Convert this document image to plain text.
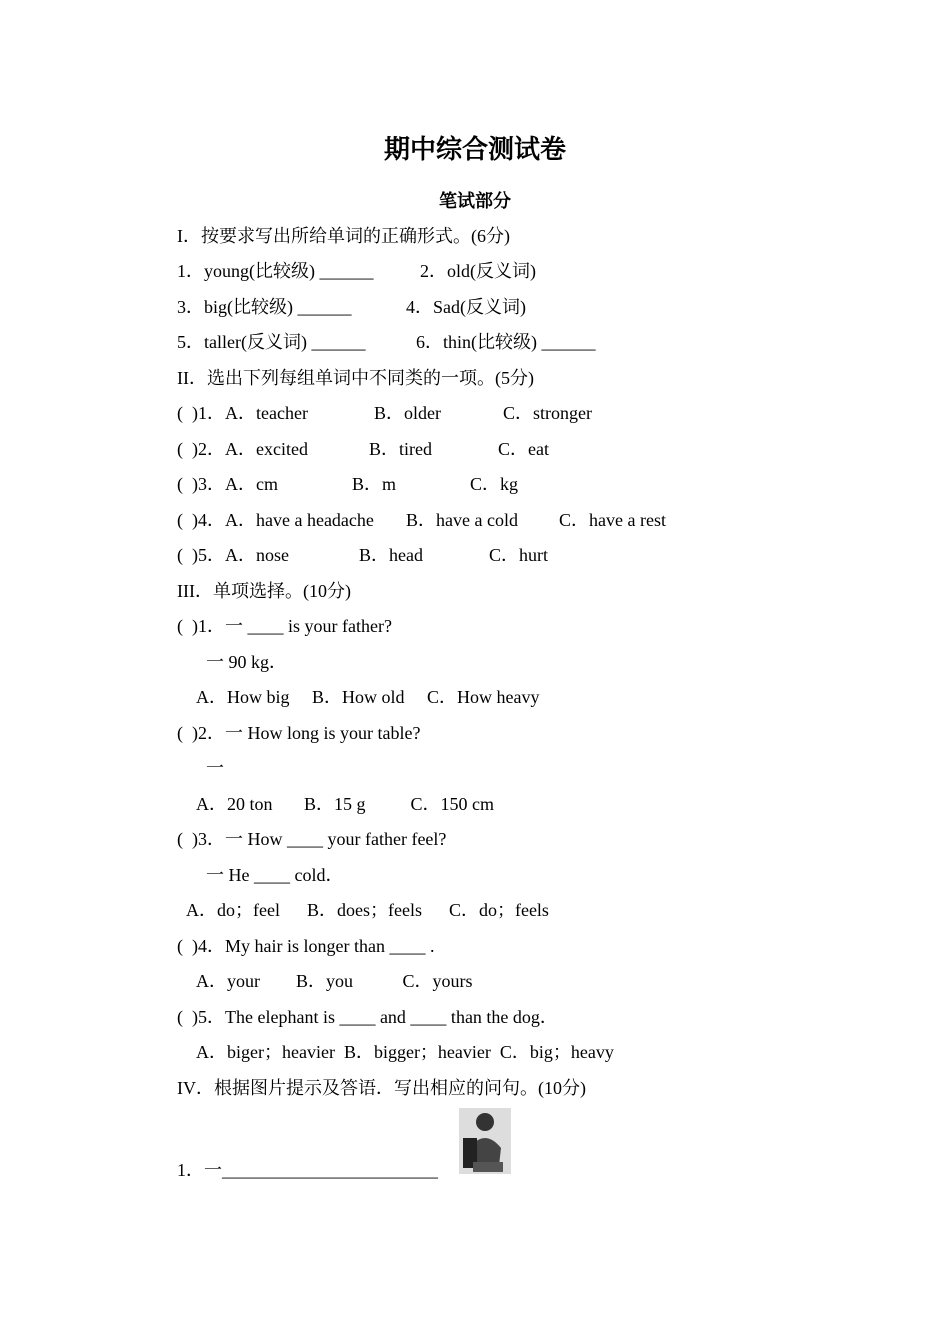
期中综合测试卷
笔试部分
I．按要求写出所给单词的正确形式。(6分)
1．young(比较级) ______	2．old(反义词)
3．big(比较级) ______	4．Sad(反义词)
5．taller(反义词) ______	6．thin(比较级) ______
II．选出下列每组单词中不同类的一项。(5分)
(  )1．A．teacher	B．older	C．stronger
(  )2．A．excited	B．tired	C．eat
(  )3．A．cm	B．m	C．kg
(  )4．A．have a headache B．have a cold C．have a rest
(  )5．A．nose	B．head	C．hurt
III．单项选择。(10分)
(  )1．一 ____ is your father?
一 90 kg．
A．How big     B．How old     C．How heavy
(  )2．一 How long is your table?
一
A．20 ton       B．15 g          C．150 cm
(  )3．一 How ____ your father feel?
一 He ____ cold．
A．do；feel      B．does；feels      C．do；feels
(  )4．My hair is longer than ____ .
A．your        B．you           C．yours
(  )5．The elephant is ____ and ____ than the dog．
A．biger；heavier  B．bigger；heavier  C．big；heavy
IV．根据图片提示及答语．写出相应的问句。(10分)
1．一________________________
